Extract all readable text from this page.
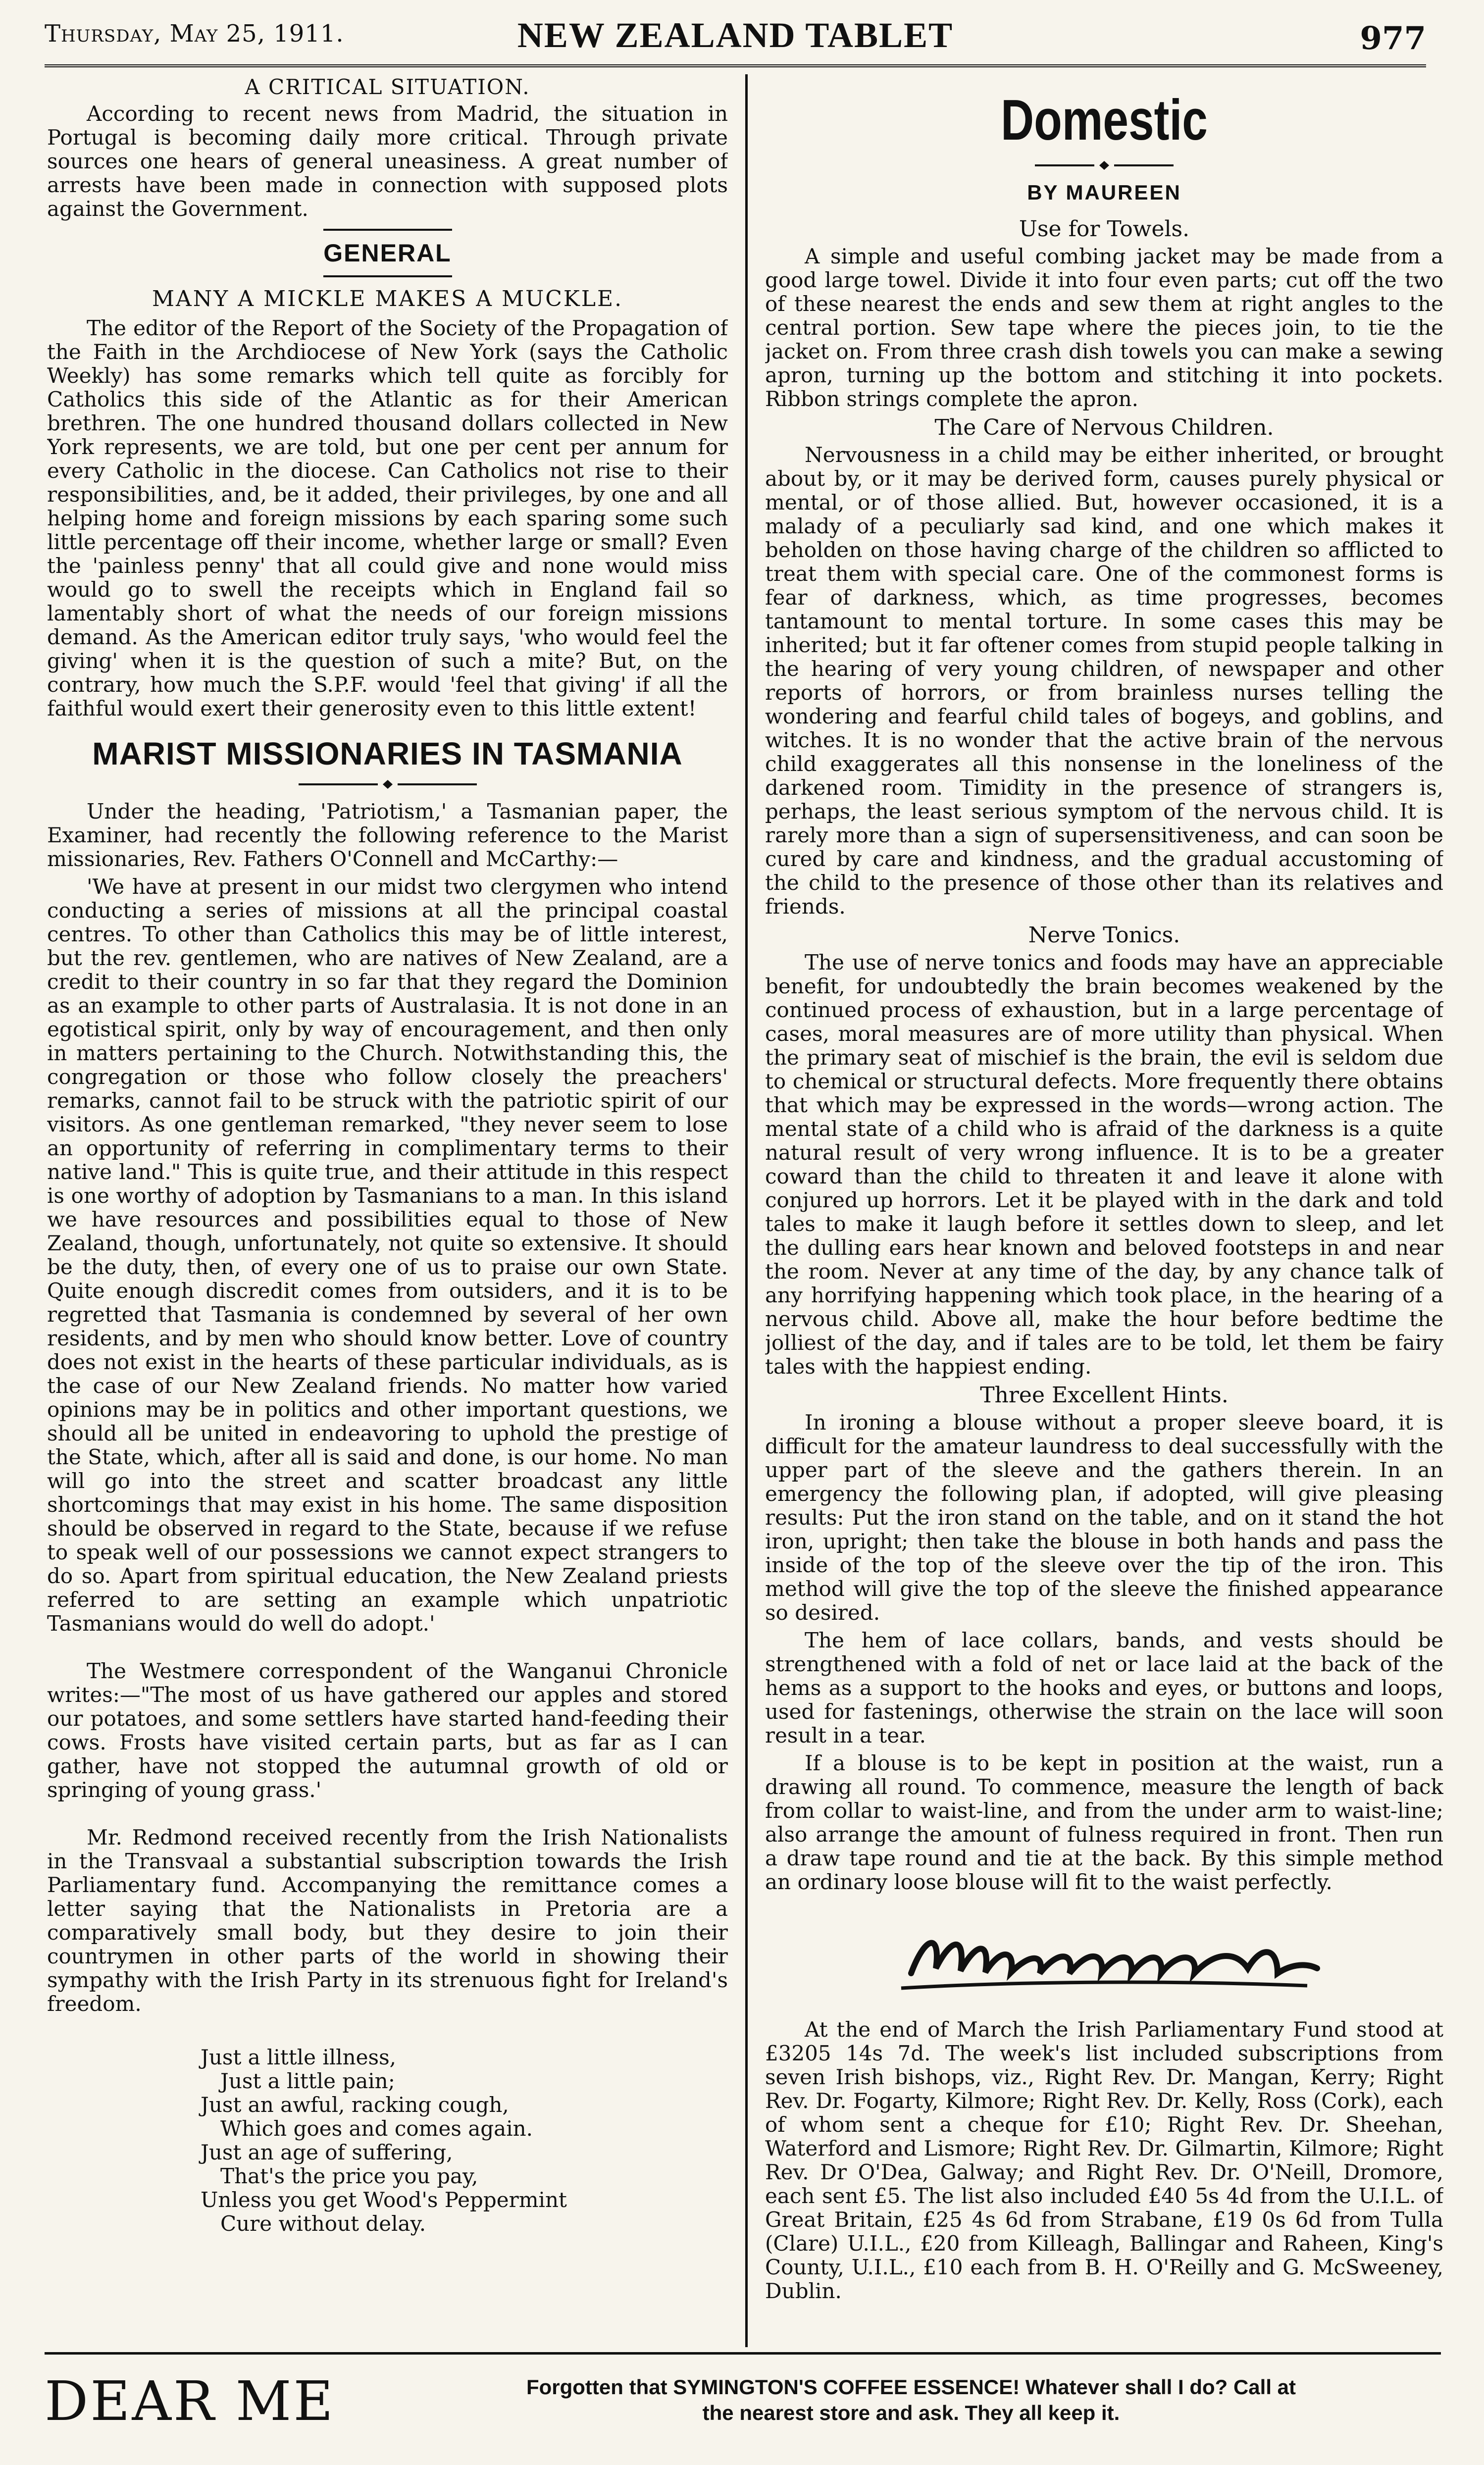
Thursday, May 25, 1911.	NEW ZEALAND TABLET	977
A CRITICAL SITUATION.

According to recent news from Madrid, the situation in Portugal is becoming daily more critical. Through private sources one hears of general uneasiness. A great number of arrests have been made in connection with supposed plots against the Government.

GENERAL
MANY A MICKLE MAKES A MUCKLE.

The editor of the Report of the Society of the Propagation of the Faith in the Archdiocese of New York (says the Catholic Weekly) has some remarks which tell quite as forcibly for Catholics this side of the Atlantic as for their American brethren. The one hundred thousand dollars collected in New York represents, we are told, but one per cent per annum for every Catholic in the diocese. Can Catholics not rise to their responsibilities, and, be it added, their privileges, by one and all helping home and foreign missions by each sparing some such little percentage off their income, whether large or small? Even the 'painless penny' that all could give and none would miss would go to swell the receipts which in England fail so lamentably short of what the needs of our foreign missions demand. As the American editor truly says, 'who would feel the giving' when it is the question of such a mite? But, on the contrary, how much the S.P.F. would 'feel that giving' if all the faithful would exert their generosity even to this little extent!

MARIST MISSIONARIES IN TASMANIA

Under the heading, 'Patriotism,' a Tasmanian paper, the Examiner, had recently the following reference to the Marist missionaries, Rev. Fathers O'Connell and McCarthy:—

'We have at present in our midst two clergymen who intend conducting a series of missions at all the principal coastal centres. To other than Catholics this may be of little interest, but the rev. gentlemen, who are natives of New Zealand, are a credit to their country in so far that they regard the Dominion as an example to other parts of Australasia. It is not done in an egotistical spirit, only by way of encouragement, and then only in matters pertaining to the Church. Notwithstanding this, the congregation or those who follow closely the preachers' remarks, cannot fail to be struck with the patriotic spirit of our visitors. As one gentleman remarked, "they never seem to lose an opportunity of referring in complimentary terms to their native land." This is quite true, and their attitude in this respect is one worthy of adoption by Tasmanians to a man. In this island we have resources and possibilities equal to those of New Zealand, though, unfortunately, not quite so extensive. It should be the duty, then, of every one of us to praise our own State. Quite enough discredit comes from outsiders, and it is to be regretted that Tasmania is condemned by several of her own residents, and by men who should know better. Love of country does not exist in the hearts of these particular individuals, as is the case of our New Zealand friends. No matter how varied opinions may be in politics and other important questions, we should all be united in endeavoring to uphold the prestige of the State, which, after all is said and done, is our home. No man will go into the street and scatter broadcast any little shortcomings that may exist in his home. The same disposition should be observed in regard to the State, because if we refuse to speak well of our possessions we cannot expect strangers to do so. Apart from spiritual education, the New Zealand priests referred to are setting an example which unpatriotic Tasmanians would do well do adopt.'

The Westmere correspondent of the Wanganui Chronicle writes:—"The most of us have gathered our apples and stored our potatoes, and some settlers have started hand-feeding their cows. Frosts have visited certain parts, but as far as I can gather, have not stopped the autumnal growth of old or springing of young grass.'

Mr. Redmond received recently from the Irish Nationalists in the Transvaal a substantial subscription towards the Irish Parliamentary fund. Accompanying the remittance comes a letter saying that the Nationalists in Pretoria are a comparatively small body, but they desire to join their countrymen in other parts of the world in showing their sympathy with the Irish Party in its strenuous fight for Ireland's freedom.

Just a little illness,

Just a little pain;

Just an awful, racking cough,

Which goes and comes again.

Just an age of suffering,

That's the price you pay,

Unless you get Wood's Peppermint

Cure without delay.

Domestic
BY MAUREEN
Use for Towels.

A simple and useful combing jacket may be made from a good large towel. Divide it into four even parts; cut off the two of these nearest the ends and sew them at right angles to the central portion. Sew tape where the pieces join, to tie the jacket on. From three crash dish towels you can make a sewing apron, turning up the bottom and stitching it into pockets. Ribbon strings complete the apron.

The Care of Nervous Children.

Nervousness in a child may be either inherited, or brought about by, or it may be derived form, causes purely physical or mental, or of those allied. But, however occasioned, it is a malady of a peculiarly sad kind, and one which makes it beholden on those having charge of the children so afflicted to treat them with special care. One of the commonest forms is fear of darkness, which, as time progresses, becomes tantamount to mental torture. In some cases this may be inherited; but it far oftener comes from stupid people talking in the hearing of very young children, of newspaper and other reports of horrors, or from brainless nurses telling the wondering and fearful child tales of bogeys, and goblins, and witches. It is no wonder that the active brain of the nervous child exaggerates all this nonsense in the loneliness of the darkened room. Timidity in the presence of strangers is, perhaps, the least serious symptom of the nervous child. It is rarely more than a sign of supersensitiveness, and can soon be cured by care and kindness, and the gradual accustoming of the child to the presence of those other than its relatives and friends.

Nerve Tonics.

The use of nerve tonics and foods may have an appreciable benefit, for undoubtedly the brain becomes weakened by the continued process of exhaustion, but in a large percentage of cases, moral measures are of more utility than physical. When the primary seat of mischief is the brain, the evil is seldom due to chemical or structural defects. More frequently there obtains that which may be expressed in the words—wrong action. The mental state of a child who is afraid of the darkness is a quite natural result of very wrong influence. It is to be a greater coward than the child to threaten it and leave it alone with conjured up horrors. Let it be played with in the dark and told tales to make it laugh before it settles down to sleep, and let the dulling ears hear known and beloved footsteps in and near the room. Never at any time of the day, by any chance talk of any horrifying happening which took place, in the hearing of a nervous child. Above all, make the hour before bedtime the jolliest of the day, and if tales are to be told, let them be fairy tales with the happiest ending.

Three Excellent Hints.

In ironing a blouse without a proper sleeve board, it is difficult for the amateur laundress to deal successfully with the upper part of the sleeve and the gathers therein. In an emergency the following plan, if adopted, will give pleasing results: Put the iron stand on the table, and on it stand the hot iron, upright; then take the blouse in both hands and pass the inside of the top of the sleeve over the tip of the iron. This method will give the top of the sleeve the finished appearance so desired.

The hem of lace collars, bands, and vests should be strengthened with a fold of net or lace laid at the back of the hems as a support to the hooks and eyes, or buttons and loops, used for fastenings, otherwise the strain on the lace will soon result in a tear.

If a blouse is to be kept in position at the waist, run a drawing all round. To commence, measure the length of back from collar to waist-line, and from the under arm to waist-line; also arrange the amount of fulness required in front. Then run a draw tape round and tie at the back. By this simple method an ordinary loose blouse will fit to the waist perfectly.

At the end of March the Irish Parliamentary Fund stood at £3205 14s 7d. The week's list included subscriptions from seven Irish bishops, viz., Right Rev. Dr. Mangan, Kerry; Right Rev. Dr. Fogarty, Kilmore; Right Rev. Dr. Kelly, Ross (Cork), each of whom sent a cheque for £10; Right Rev. Dr. Sheehan, Waterford and Lismore; Right Rev. Dr. Gilmartin, Kilmore; Right Rev. Dr O'Dea, Galway; and Right Rev. Dr. O'Neill, Dromore, each sent £5. The list also included £40 5s 4d from the U.I.L. of Great Britain, £25 4s 6d from Strabane, £19 0s 6d from Tulla (Clare) U.I.L., £20 from Killeagh, Ballingar and Raheen, King's County, U.I.L., £10 each from B. H. O'Reilly and G. McSweeney, Dublin.

DEAR ME	Forgotten that SYMINGTON'S COFFEE ESSENCE! Whatever shall I do? Call at
the nearest store and ask. They all keep it.
